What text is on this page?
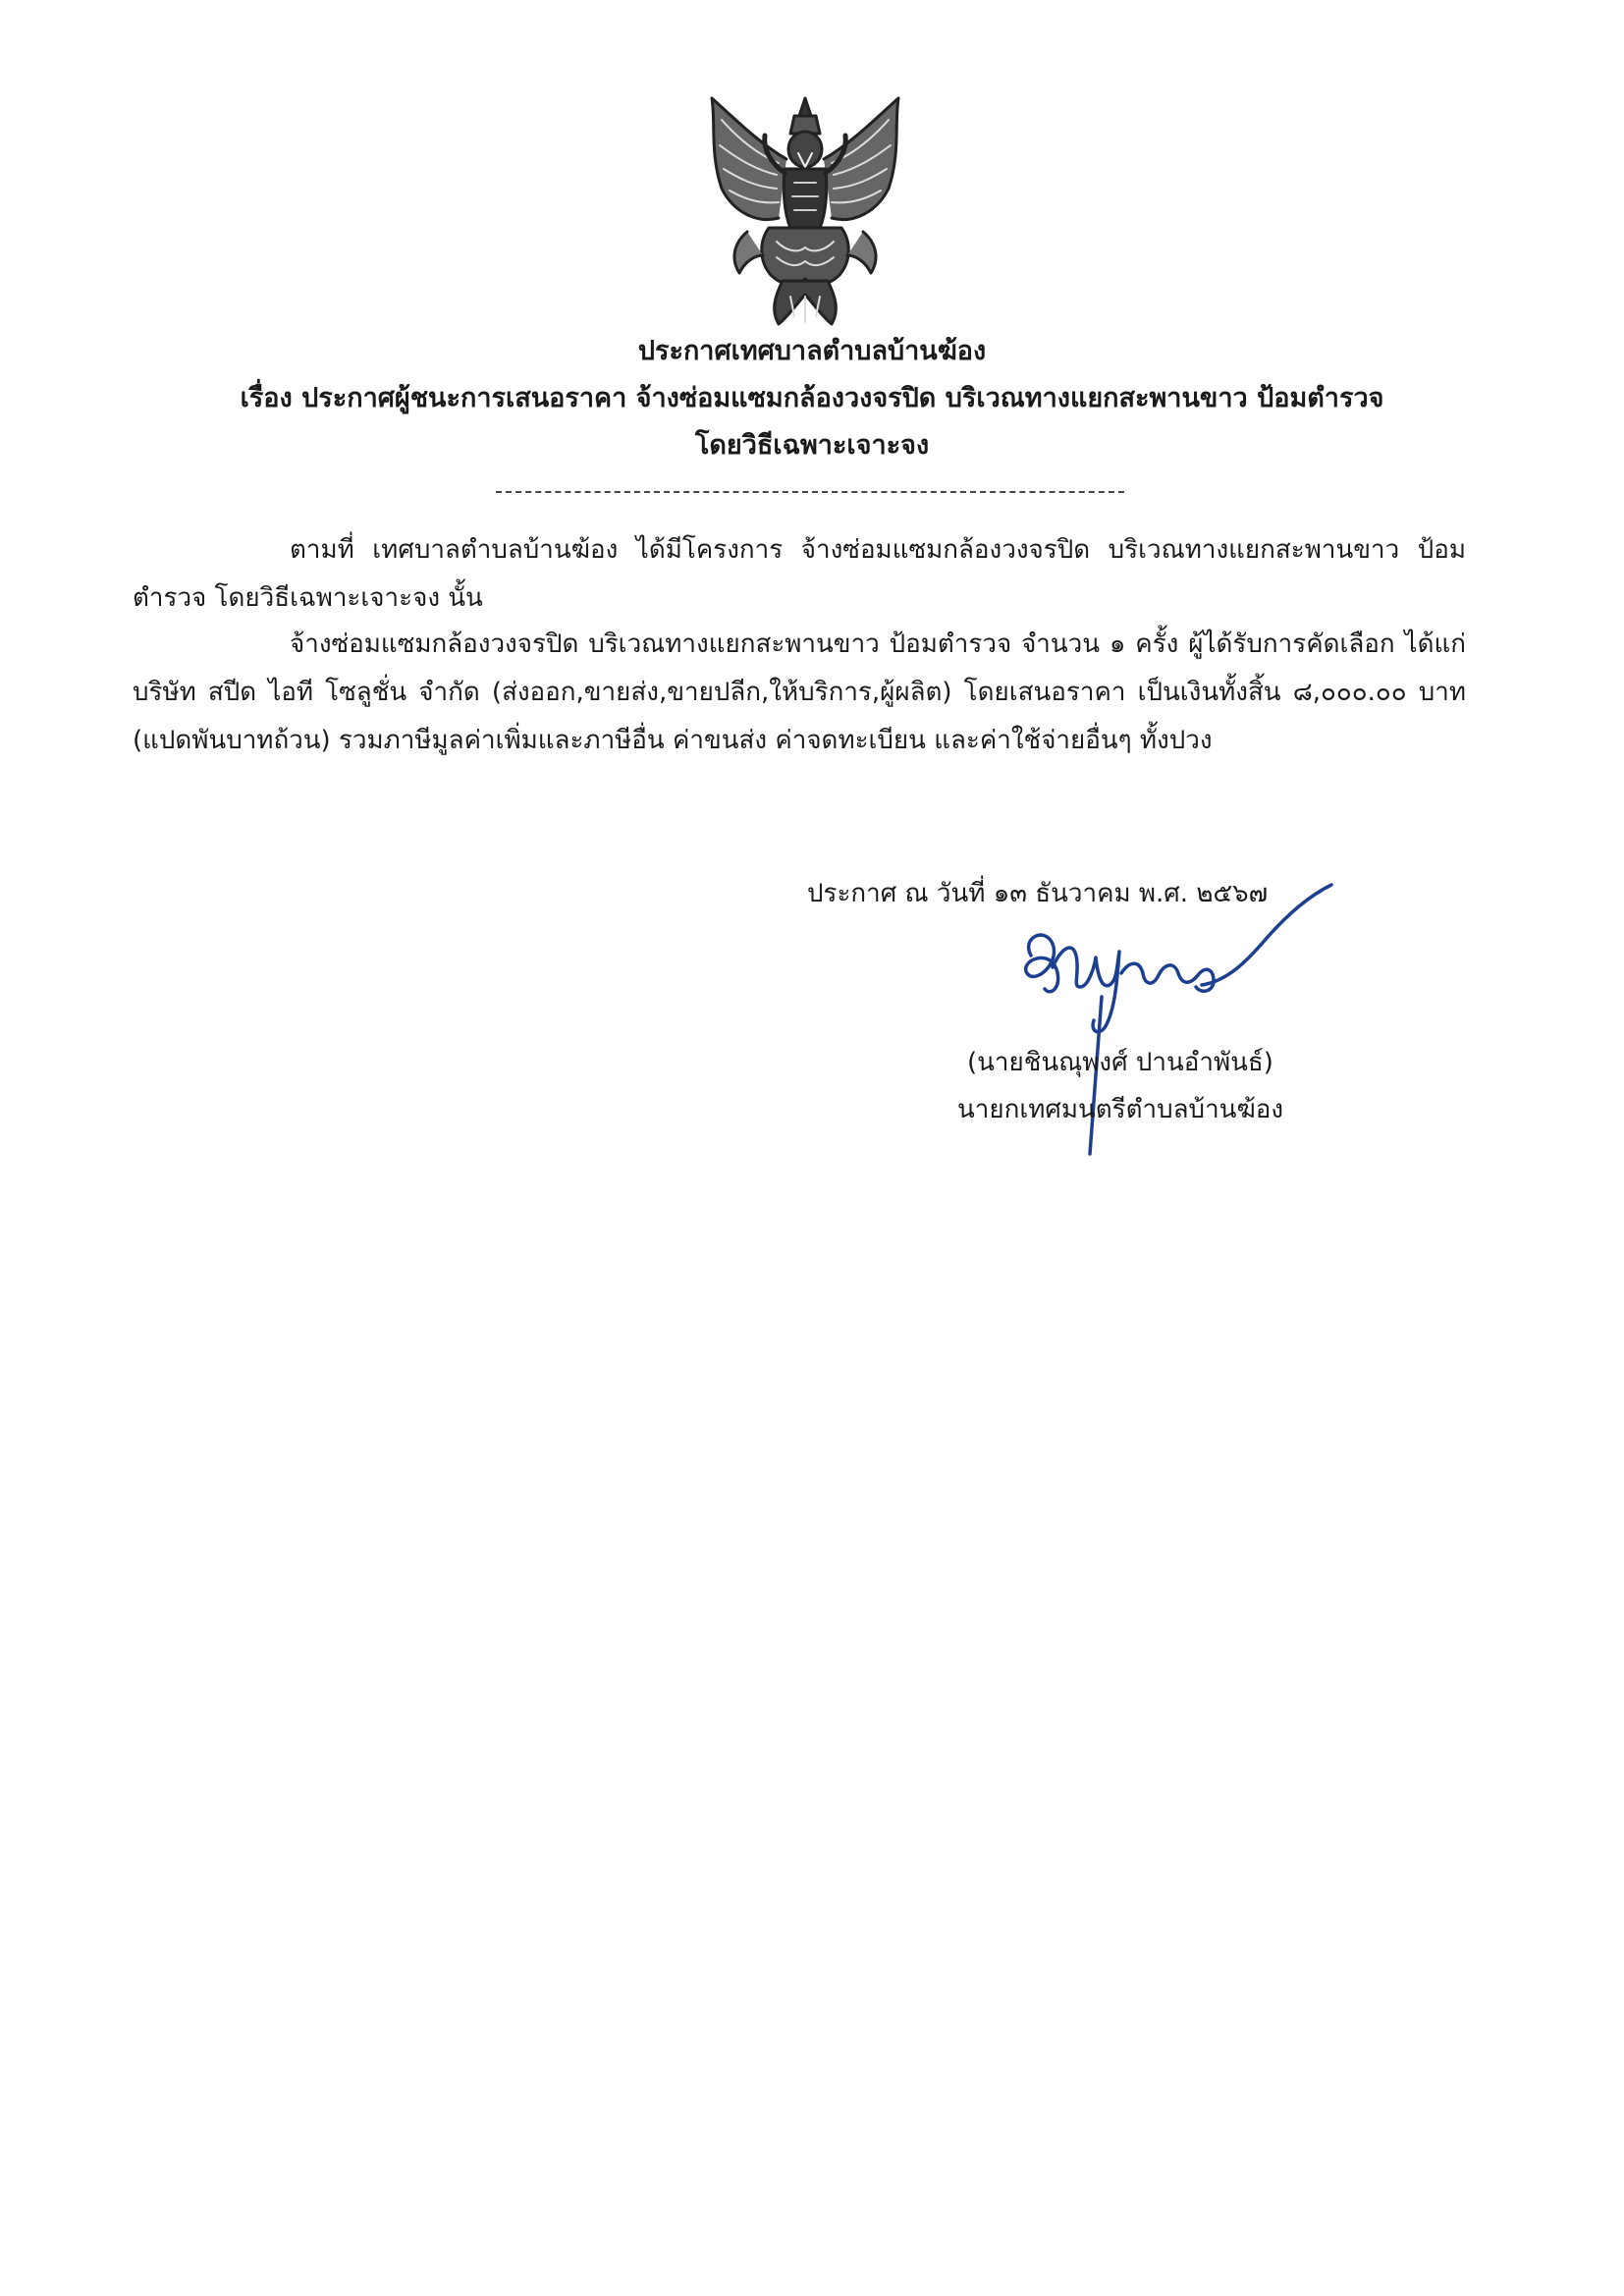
ประกาศเทศบาลตำบลบ้านฆ้อง
เรื่อง ประกาศผู้ชนะการเสนอราคา จ้างซ่อมแซมกล้องวงจรปิด บริเวณทางแยกสะพานขาว ป้อมตำรวจ
โดยวิธีเฉพาะเจาะจง

ตามที่ เทศบาลตำบลบ้านฆ้อง ได้มีโครงการ จ้างซ่อมแซมกล้องวงจรปิด บริเวณทางแยกสะพานขาว ป้อมตำรวจ โดยวิธีเฉพาะเจาะจง นั้น

จ้างซ่อมแซมกล้องวงจรปิด บริเวณทางแยกสะพานขาว ป้อมตำรวจ จำนวน ๑ ครั้ง ผู้ได้รับการคัดเลือก ได้แก่ บริษัท สปีด ไอที โซลูชั่น จำกัด (ส่งออก,ขายส่ง,ขายปลีก,ให้บริการ,ผู้ผลิต) โดยเสนอราคา เป็นเงินทั้งสิ้น ๘,๐๐๐.๐๐ บาท (แปดพันบาทถ้วน) รวมภาษีมูลค่าเพิ่มและภาษีอื่น ค่าขนส่ง ค่าจดทะเบียน และค่าใช้จ่ายอื่นๆ ทั้งปวง

ประกาศ ณ วันที่ ๑๓ ธันวาคม พ.ศ. ๒๕๖๗
(นายชินณุพงศ์ ปานอำพันธ์)
นายกเทศมนตรีตำบลบ้านฆ้อง
